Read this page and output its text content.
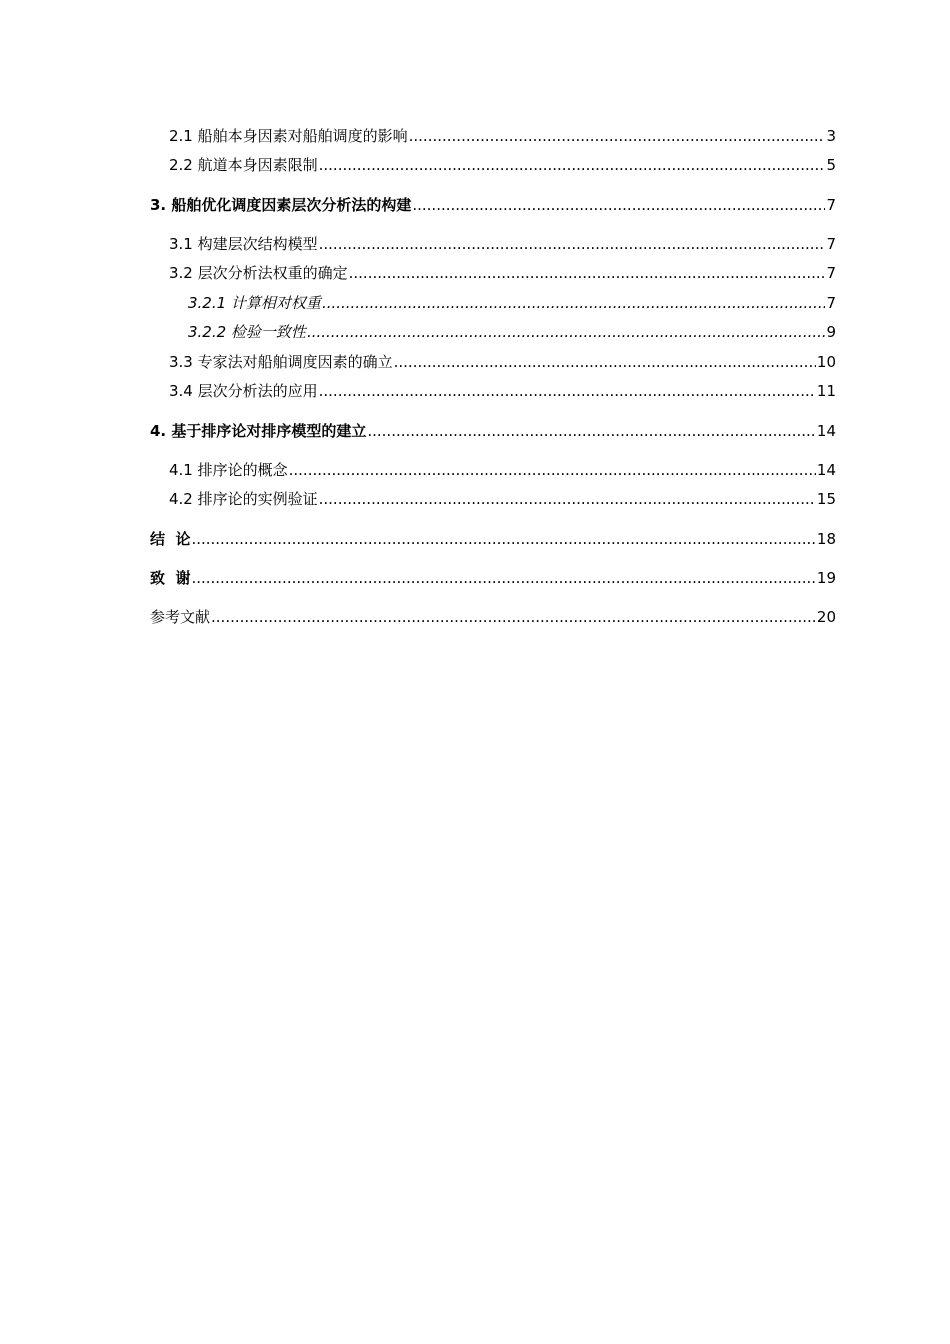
2.1 船舶本身因素对船舶调度的影响 .....	3
2.2 航道本身因素限制 .....	5
3. 船舶优化调度因素层次分析法的构建 .....	7
3.1 构建层次结构模型 .....	7
3.2 层次分析法权重的确定 .....	7
3.2.1 计算相对权重 .....	7
3.2.2 检验一致性 .....	9
3.3 专家法对船舶调度因素的确立 .....	10
3.4 层次分析法的应用 .....	11
4. 基于排序论对排序模型的建立 .....	14
4.1 排序论的概念 .....	14
4.2 排序论的实例验证 .....	15
结  论 .....	18
致  谢 .....	19
参考文献 .....	20
